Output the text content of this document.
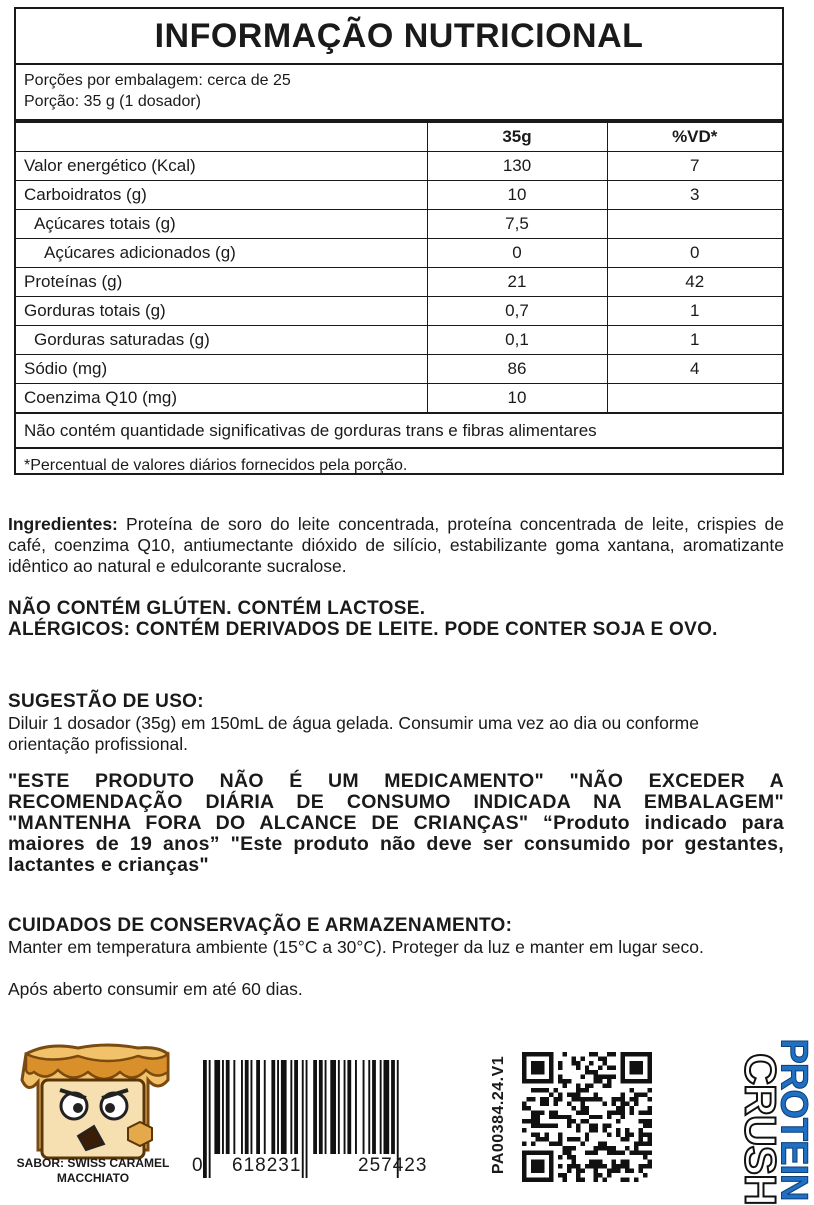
INFORMAÇÃO NUTRICIONAL
Porções por embalagem: cerca de 25
Porção: 35 g (1 dosador)
	35g	%VD*
Valor energético (Kcal)	130	7
Carboidratos (g)	10	3
Açúcares totais (g)	7,5	
Açúcares adicionados (g)	0	0
Proteínas (g)	21	42
Gorduras totais (g)	0,7	1
Gorduras saturadas (g)	0,1	1
Sódio (mg)	86	4
Coenzima Q10 (mg)	10	
Não contém quantidade significativas de gorduras trans e fibras alimentares
*Percentual de valores diários fornecidos pela porção.
Ingredientes: Proteína de soro do leite concentrada, proteína concentrada de leite, crispies de café, coenzima Q10, antiumectante dióxido de silício, estabilizante goma xantana, aromatizante idêntico ao natural e edulcorante sucralose.
NÃO CONTÉM GLÚTEN. CONTÉM LACTOSE.
ALÉRGICOS: CONTÉM DERIVADOS DE LEITE. PODE CONTER SOJA E OVO.
SUGESTÃO DE USO:
Diluir 1 dosador (35g) em 150mL de água gelada. Consumir uma vez ao dia ou conforme orientação profissional.
"ESTE PRODUTO NÃO É UM MEDICAMENTO" "NÃO EXCEDER A RECOMENDAÇÃO DIÁRIA DE CONSUMO INDICADA NA EMBALAGEM" "MANTENHA FORA DO ALCANCE DE CRIANÇAS" “Produto indicado para maiores de 19 anos” "Este produto não deve ser consumido por gestantes, lactantes e crianças"
CUIDADOS DE CONSERVAÇÃO E ARMAZENAMENTO:
Manter em temperatura ambiente (15°C a 30°C). Proteger da luz e manter em lugar seco.
Após aberto consumir em até 60 dias.
SABOR: SWISS CARAMEL
MACCHIATO
0 618231	257423	PA00384.24.V1	CRUSH
PROTEIN
